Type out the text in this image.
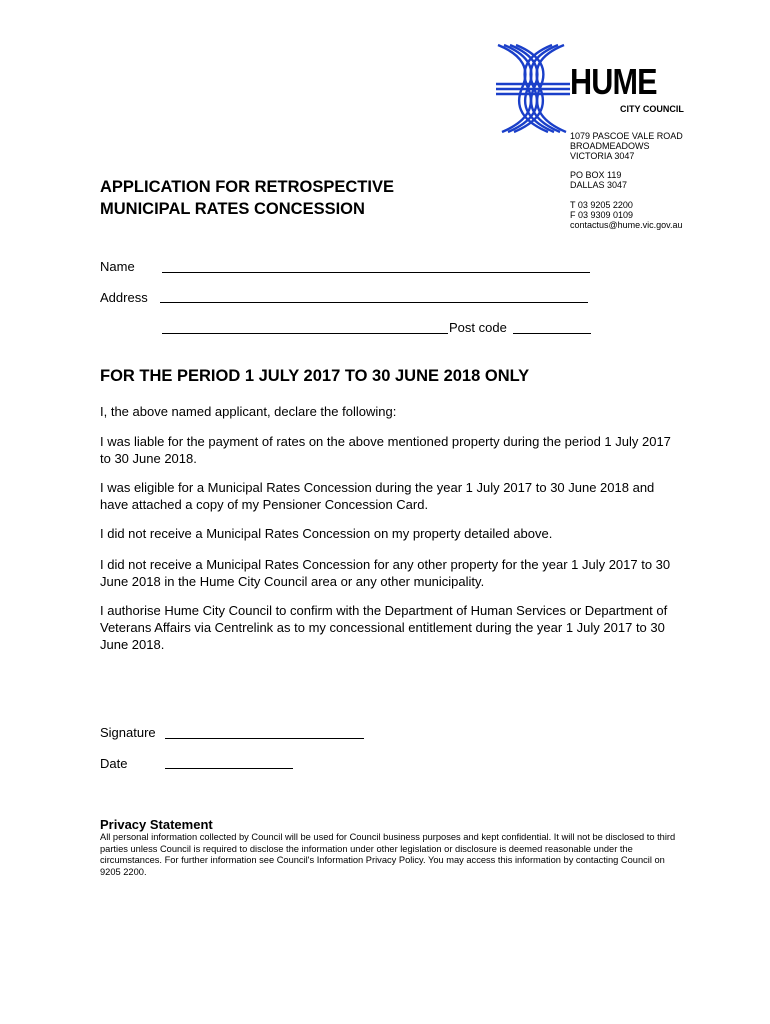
HUME
CITY COUNCIL
1079 PASCOE VALE ROAD
BROADMEADOWS
VICTORIA 3047
PO BOX 119
DALLAS 3047
T 03 9205 2200
F 03 9309 0109
contactus@hume.vic.gov.au
APPLICATION FOR RETROSPECTIVE
MUNICIPAL RATES CONCESSION
Name
Address
Post code
FOR THE PERIOD 1 JULY 2017 TO 30 JUNE 2018 ONLY
I, the above named applicant, declare the following:
I was liable for the payment of rates on the above mentioned property during the period 1 July 2017 to 30 June 2018.
I was eligible for a Municipal Rates Concession during the year 1 July 2017 to 30 June 2018 and have attached a copy of my Pensioner Concession Card.
I did not receive a Municipal Rates Concession on my property detailed above.
I did not receive a Municipal Rates Concession for any other property for the year 1 July 2017 to 30 June 2018 in the Hume City Council area or any other municipality.
I authorise Hume City Council to confirm with the Department of Human Services or Department of Veterans Affairs via Centrelink as to my concessional entitlement during the year 1 July 2017 to 30 June 2018.
Signature
Date
Privacy Statement
All personal information collected by Council will be used for Council business purposes and kept confidential. It will not be disclosed to third parties unless Council is required to disclose the information under other legislation or disclosure is deemed reasonable under the circumstances. For further information see Council's Information Privacy Policy. You may access this information by contacting Council on 9205 2200.
